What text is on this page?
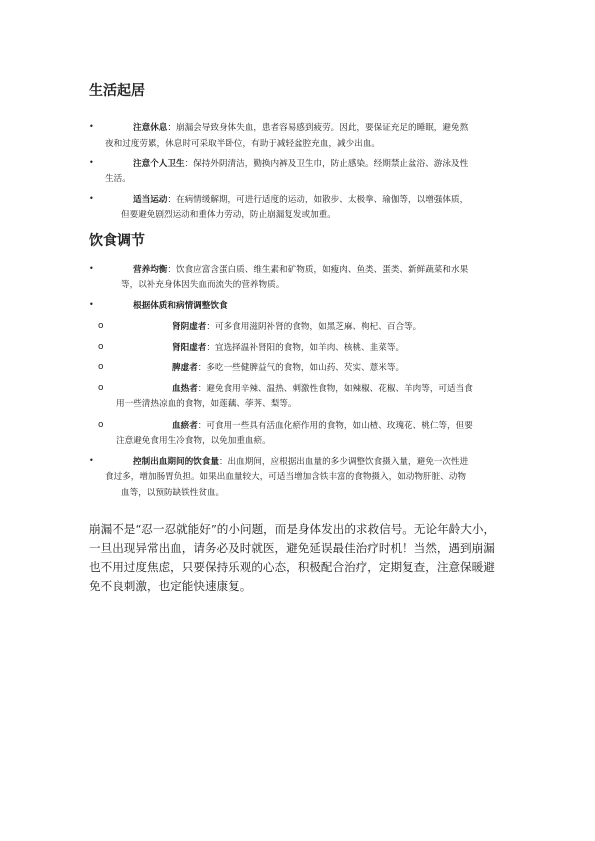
生活起居
•	注意休息：崩漏会导致身体失血，患者容易感到疲劳。因此，要保证充足的睡眠，避免熬
夜和过度劳累，休息时可采取半卧位，有助于减轻盆腔充血，减少出血。
•	注意个人卫生：保持外阴清洁，勤换内裤及卫生巾，防止感染。经期禁止盆浴、游泳及性
生活。
•	适当运动：在病情缓解期，可进行适度的运动，如散步、太极拳、瑜伽等，以增强体质，
但要避免剧烈运动和重体力劳动，防止崩漏复发或加重。
饮食调节
•	营养均衡：饮食应富含蛋白质、维生素和矿物质，如瘦肉、鱼类、蛋类、新鲜蔬菜和水果
等，以补充身体因失血而流失的营养物质。
•	根据体质和病情调整饮食
o	肾阴虚者：可多食用滋阴补肾的食物，如黑芝麻、枸杞、百合等。
o	肾阳虚者：宜选择温补肾阳的食物，如羊肉、核桃、韭菜等。
o	脾虚者：多吃一些健脾益气的食物，如山药、芡实、薏米等。
o	血热者：避免食用辛辣、温热、刺激性食物，如辣椒、花椒、羊肉等，可适当食
用一些清热凉血的食物，如莲藕、荸荠、梨等。
o	血瘀者：可食用一些具有活血化瘀作用的食物，如山楂、玫瑰花、桃仁等，但要
注意避免食用生冷食物，以免加重血瘀。
•	控制出血期间的饮食量：出血期间，应根据出血量的多少调整饮食摄入量，避免一次性进
食过多，增加肠胃负担。如果出血量较大，可适当增加含铁丰富的食物摄入，如动物肝脏、动物
血等，以预防缺铁性贫血。
崩漏不是“忍一忍就能好”的小问题，而是身体发出的求救信号。无论年龄大小，
一旦出现异常出血，请务必及时就医，避免延误最佳治疗时机！当然，遇到崩漏
也不用过度焦虑，只要保持乐观的心态，积极配合治疗，定期复查，注意保暖避
免不良刺激，也定能快速康复。
